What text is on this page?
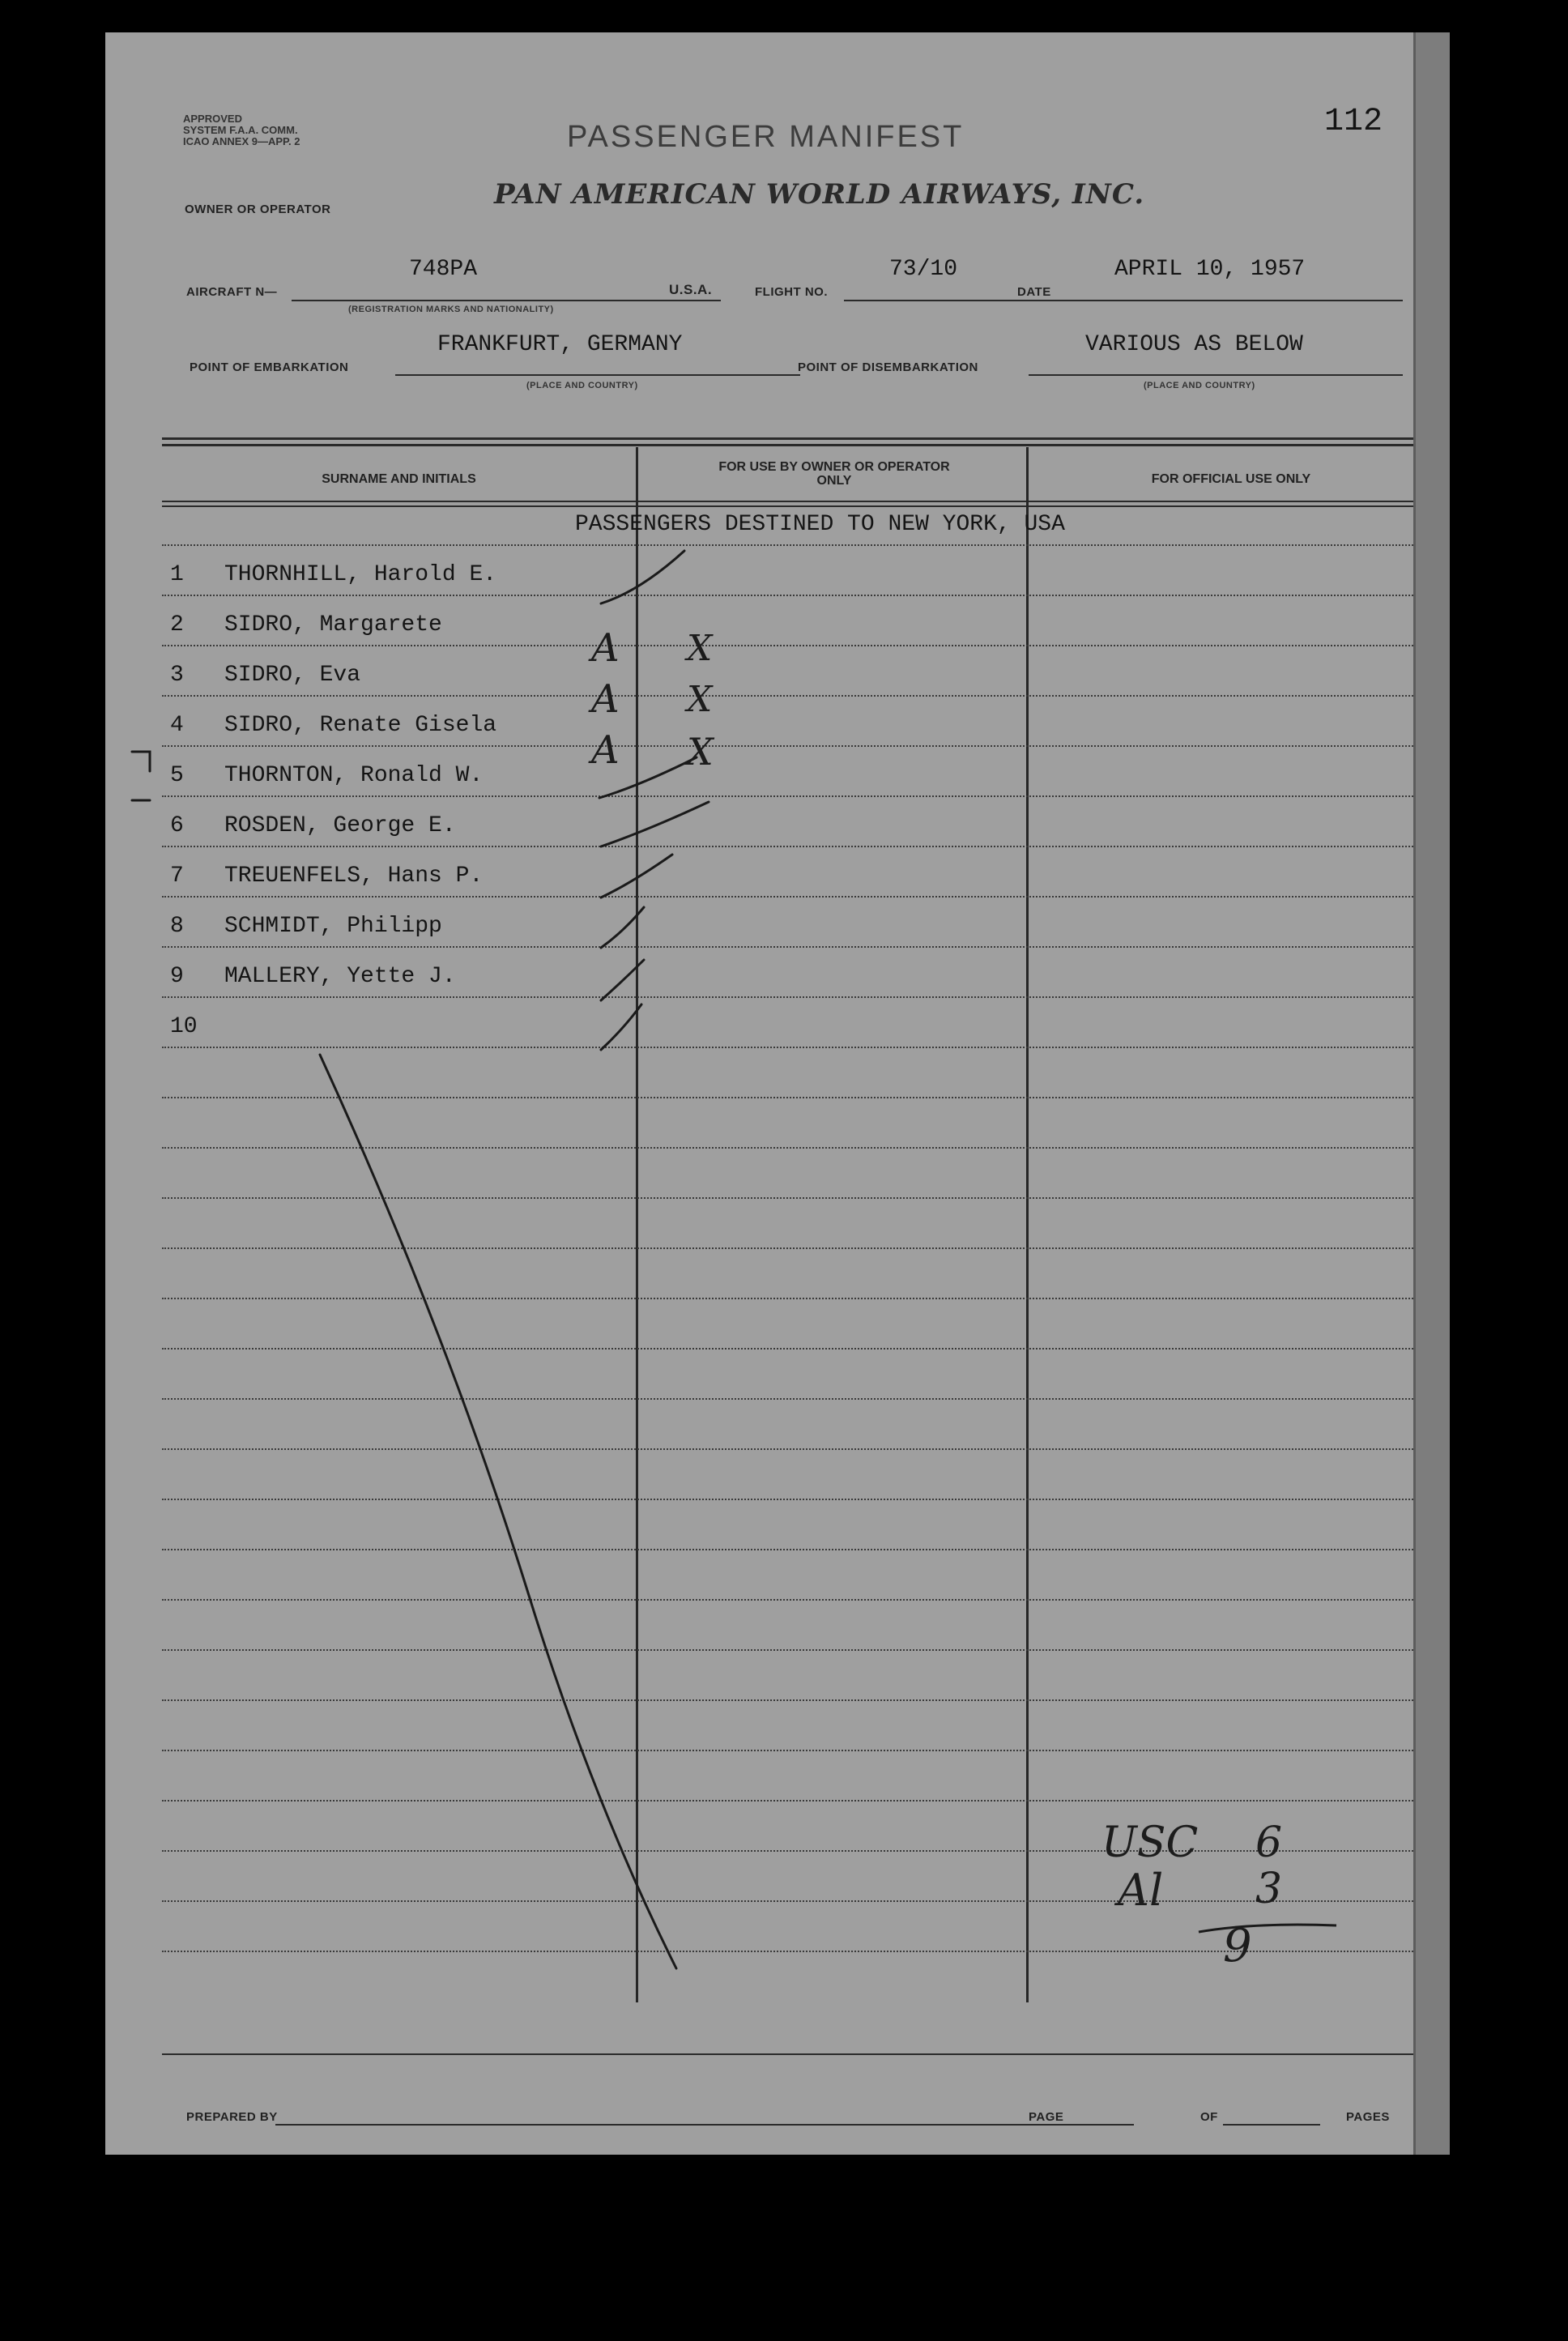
APPROVED
SYSTEM F.A.A. COMM.
ICAO ANNEX 9—APP. 2	PASSENGER MANIFEST	112
OWNER OR OPERATOR	PAN AMERICAN WORLD AIRWAYS, INC.
AIRCRAFT N—
748PA
(REGISTRATION MARKS AND NATIONALITY)
U.S.A.	FLIGHT NO.
73/10
DATE
APRIL 10, 1957
POINT OF EMBARKATION
FRANKFURT, GERMANY
(PLACE AND COUNTRY)
POINT OF DISEMBARKATION
VARIOUS AS BELOW
(PLACE AND COUNTRY)
SURNAME AND INITIALS
FOR USE BY OWNER OR OPERATOR ONLY	FOR OFFICIAL USE ONLY
PASSENGERS DESTINED TO NEW YORK, USA
1 THORNHILL, Harold E.
2 SIDRO, Margarete
3 SIDRO, Eva
4 SIDRO, Renate Gisela
5 THORNTON, Ronald W.
6 ROSDEN, George E.
7 TREUENFELS, Hans P.
8 SCHMIDT, Philipp
9 MALLERY, Yette J.
10
A
A
A
X
X
X
USC 6
Al 3
9
PREPARED BY	PAGE	OF	PAGES
